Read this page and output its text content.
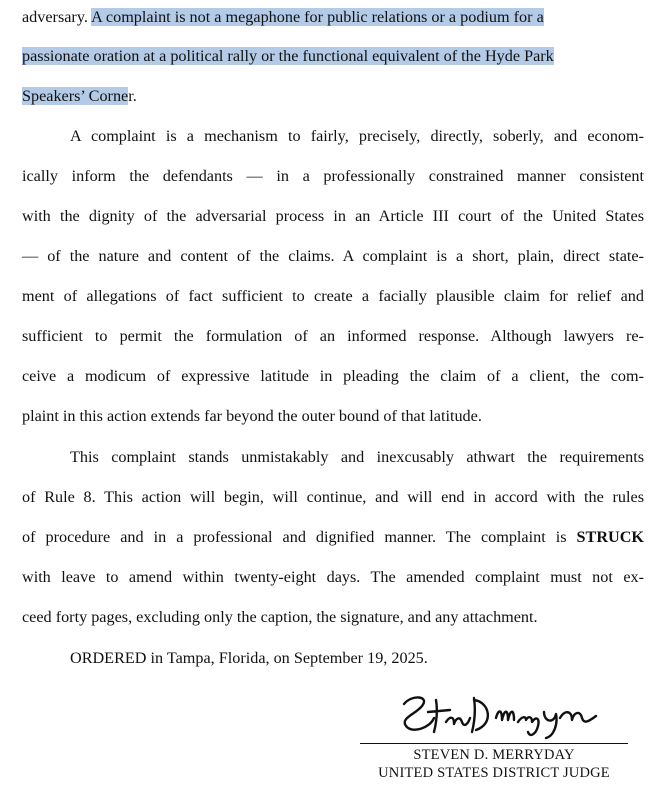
adversary. A complaint is not a megaphone for public relations or a podium for a
passionate oration at a political rally or the functional equivalent of the Hyde Park
Speakers’ Corner.
A complaint is a mechanism to fairly, precisely, directly, soberly, and econom-
ically inform the defendants — in a professionally constrained manner consistent
with the dignity of the adversarial process in an Article III court of the United States
— of the nature and content of the claims. A complaint is a short, plain, direct state-
ment of allegations of fact sufficient to create a facially plausible claim for relief and
sufficient to permit the formulation of an informed response. Although lawyers re-
ceive a modicum of expressive latitude in pleading the claim of a client, the com-
plaint in this action extends far beyond the outer bound of that latitude.
This complaint stands unmistakably and inexcusably athwart the requirements
of Rule 8. This action will begin, will continue, and will end in accord with the rules
of procedure and in a professional and dignified manner. The complaint is STRUCK
with leave to amend within twenty-eight days. The amended complaint must not ex-
ceed forty pages, excluding only the caption, the signature, and any attachment.
ORDERED in Tampa, Florida, on September 19, 2025.
STEVEN D. MERRYDAY
UNITED STATES DISTRICT JUDGE
